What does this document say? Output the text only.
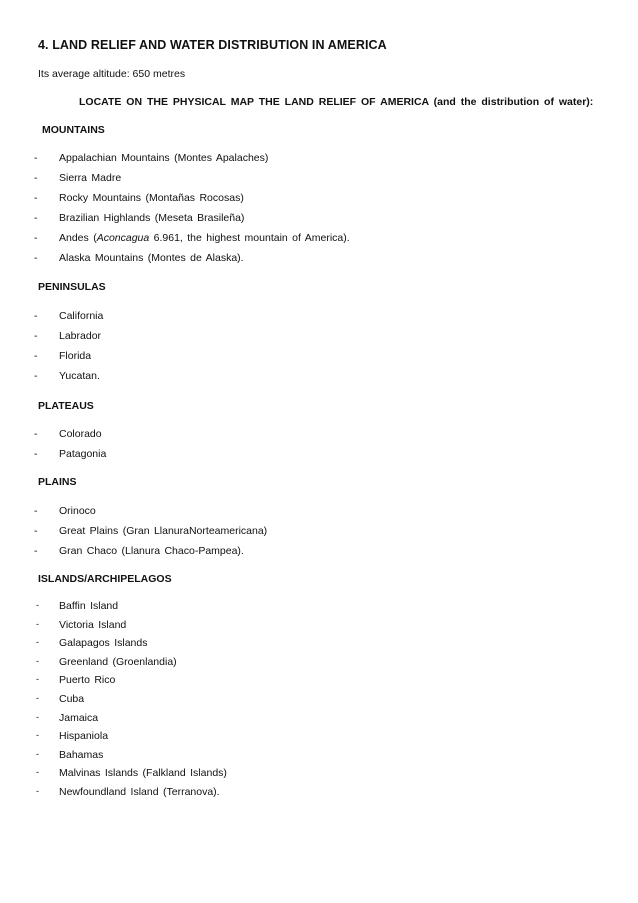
4. LAND RELIEF AND WATER DISTRIBUTION IN AMERICA
Its average altitude: 650 metres
LOCATE ON THE PHYSICAL MAP THE LAND RELIEF OF AMERICA (and the distribution of water):
MOUNTAINS
-	Appalachian Mountains (Montes Apalaches)
-	Sierra Madre
-	Rocky Mountains (Montañas Rocosas)
-	Brazilian Highlands (Meseta Brasileña)
-	Andes (Aconcagua 6.961, the highest mountain of America).
-	Alaska Mountains (Montes de Alaska).
PENINSULAS
-	California
-	Labrador
-	Florida
-	Yucatan.
PLATEAUS
-	Colorado
-	Patagonia
PLAINS
-	Orinoco
-	Great Plains (Gran LlanuraNorteamericana)
-	Gran Chaco (Llanura Chaco-Pampea).
ISLANDS/ARCHIPELAGOS
-	Baffin Island
-	Victoria Island
-	Galapagos Islands
-	Greenland (Groenlandia)
-	Puerto Rico
-	Cuba
-	Jamaica
-	Hispaniola
-	Bahamas
-	Malvinas Islands (Falkland Islands)
-	Newfoundland Island (Terranova).
